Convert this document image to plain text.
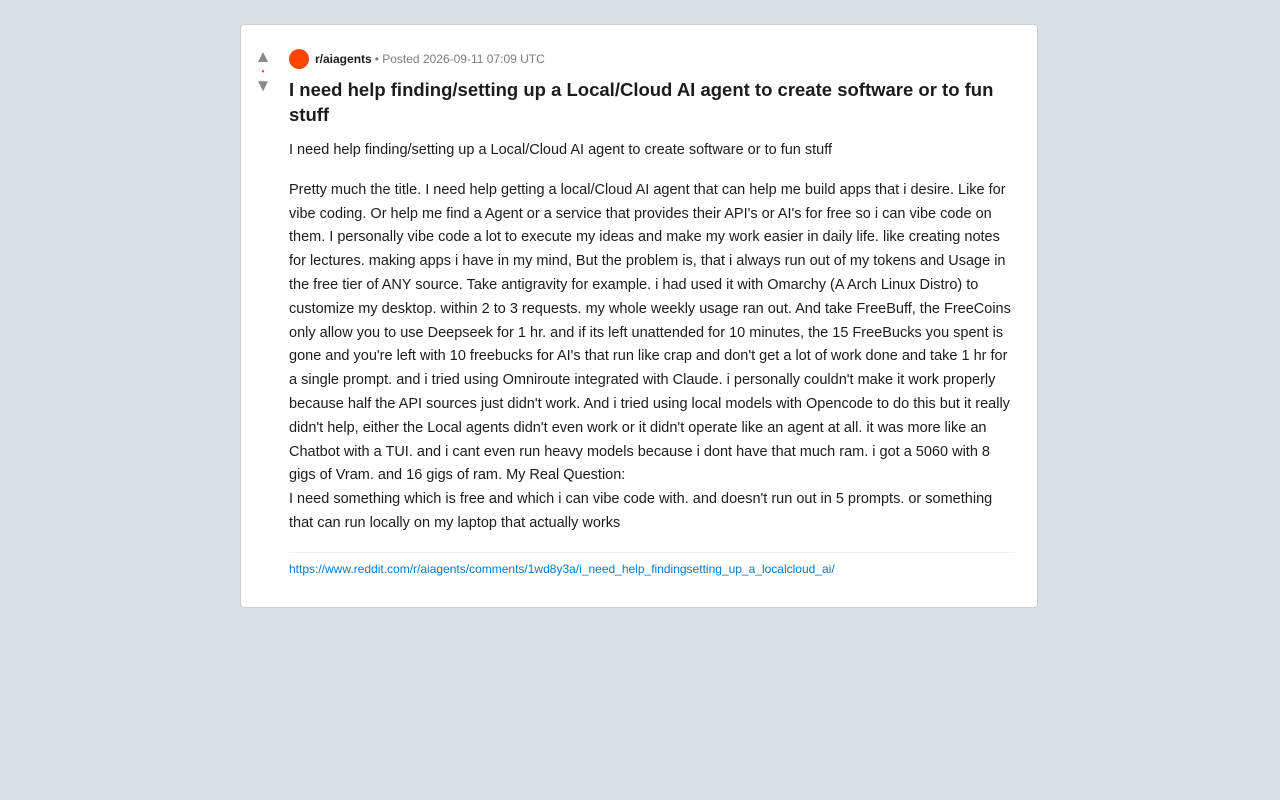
▲
•
▼
r/aiagents • Posted 2026-09-11 07:09 UTC
I need help finding/setting up a Local/Cloud AI agent to create software or to fun stuff

I need help finding/setting up a Local/Cloud AI agent to create software or to fun stuff

Pretty much the title. I need help getting a local/Cloud AI agent that can help me build apps that i desire. Like for vibe coding. Or help me find a Agent or a service that provides their API's or AI's for free so i can vibe code on them. I personally vibe code a lot to execute my ideas and make my work easier in daily life. like creating notes for lectures. making apps i have in my mind, But the problem is, that i always run out of my tokens and Usage in the free tier of ANY source. Take antigravity for example. i had used it with Omarchy (A Arch Linux Distro) to customize my desktop. within 2 to 3 requests. my whole weekly usage ran out. And take FreeBuff, the FreeCoins only allow you to use Deepseek for 1 hr. and if its left unattended for 10 minutes, the 15 FreeBucks you spent is gone and you're left with 10 freebucks for AI's that run like crap and don't get a lot of work done and take 1 hr for a single prompt. and i tried using Omniroute integrated with Claude. i personally couldn't make it work properly because half the API sources just didn't work. And i tried using local models with Opencode to do this but it really didn't help, either the Local agents didn't even work or it didn't operate like an agent at all. it was more like an Chatbot with a TUI. and i cant even run heavy models because i dont have that much ram. i got a 5060 with 8 gigs of Vram. and 16 gigs of ram. My Real Question:

I need something which is free and which i can vibe code with. and doesn't run out in 5 prompts. or something that can run locally on my laptop that actually works

https://www.reddit.com/r/aiagents/comments/1wd8y3a/i_need_help_findingsetting_up_a_localcloud_ai/
